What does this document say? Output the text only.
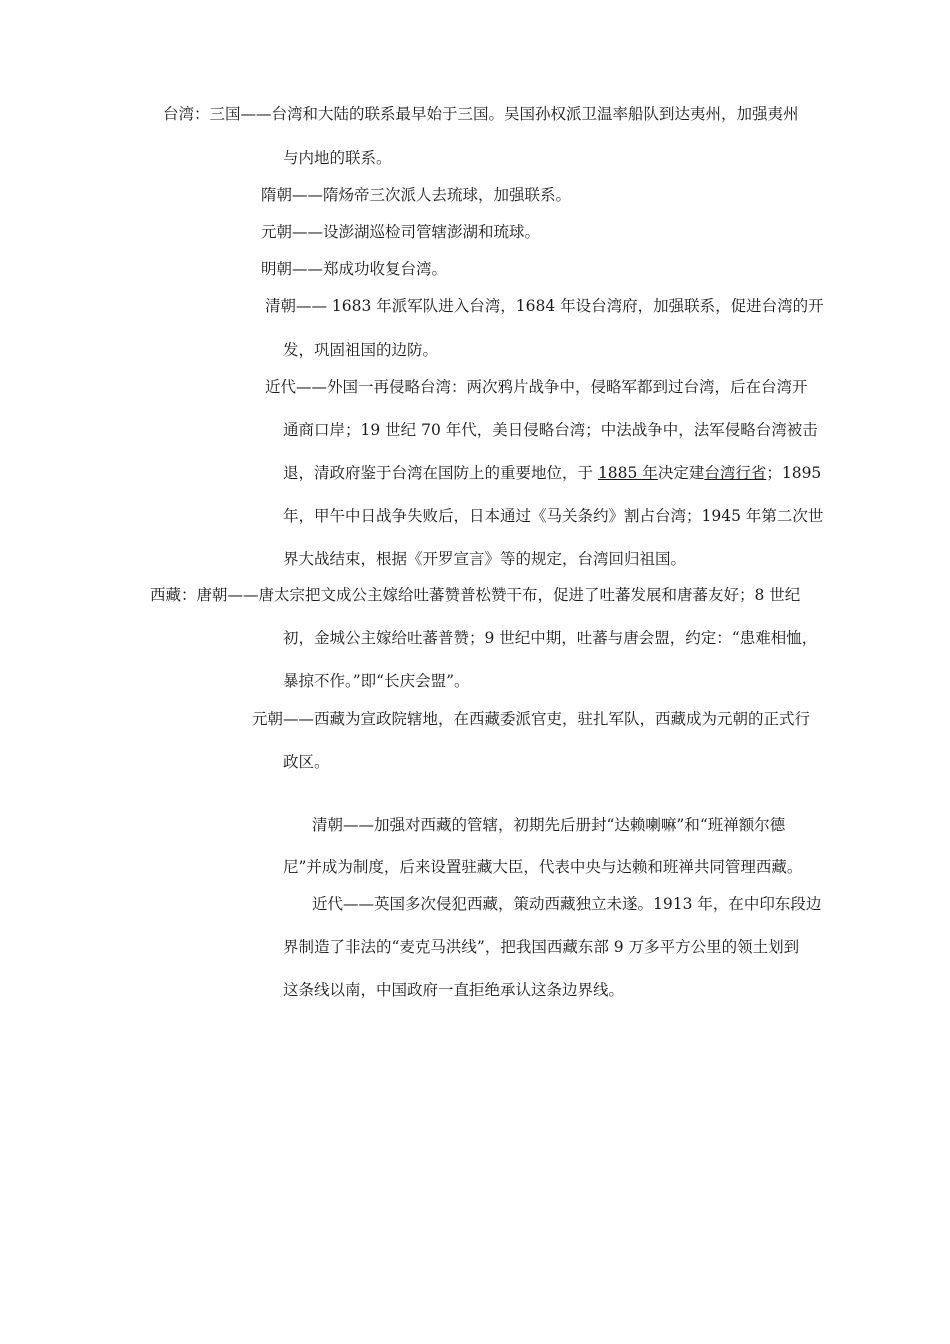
台湾：三国——台湾和大陆的联系最早始于三国。吴国孙权派卫温率船队到达夷州，加强夷州
与内地的联系。
隋朝——隋炀帝三次派人去琉球，加强联系。
元朝——设澎湖巡检司管辖澎湖和琉球。
明朝——郑成功收复台湾。
清朝—— 1683 年派军队进入台湾，1684 年设台湾府，加强联系，促进台湾的开
发，巩固祖国的边防。
近代——外国一再侵略台湾：两次鸦片战争中，侵略军都到过台湾，后在台湾开
通商口岸；19 世纪 70 年代，美日侵略台湾；中法战争中，法军侵略台湾被击
退，清政府鉴于台湾在国防上的重要地位，于 1885 年决定建台湾行省；1895
年，甲午中日战争失败后，日本通过《马关条约》割占台湾；1945 年第二次世
界大战结束，根据《开罗宣言》等的规定，台湾回归祖国。
西藏：唐朝——唐太宗把文成公主嫁给吐蕃赞普松赞干布，促进了吐蕃发展和唐蕃友好；8 世纪
初，金城公主嫁给吐蕃普赞；9 世纪中期，吐蕃与唐会盟，约定：“患难相恤，
暴掠不作。”即“长庆会盟”。
元朝——西藏为宣政院辖地，在西藏委派官吏，驻扎军队，西藏成为元朝的正式行
政区。
清朝——加强对西藏的管辖，初期先后册封“达赖喇嘛”和“班禅额尔德
尼”并成为制度，后来设置驻藏大臣，代表中央与达赖和班禅共同管理西藏。
近代——英国多次侵犯西藏，策动西藏独立未遂。1913 年，在中印东段边
界制造了非法的“麦克马洪线”，把我国西藏东部 9 万多平方公里的领土划到
这条线以南，中国政府一直拒绝承认这条边界线。
